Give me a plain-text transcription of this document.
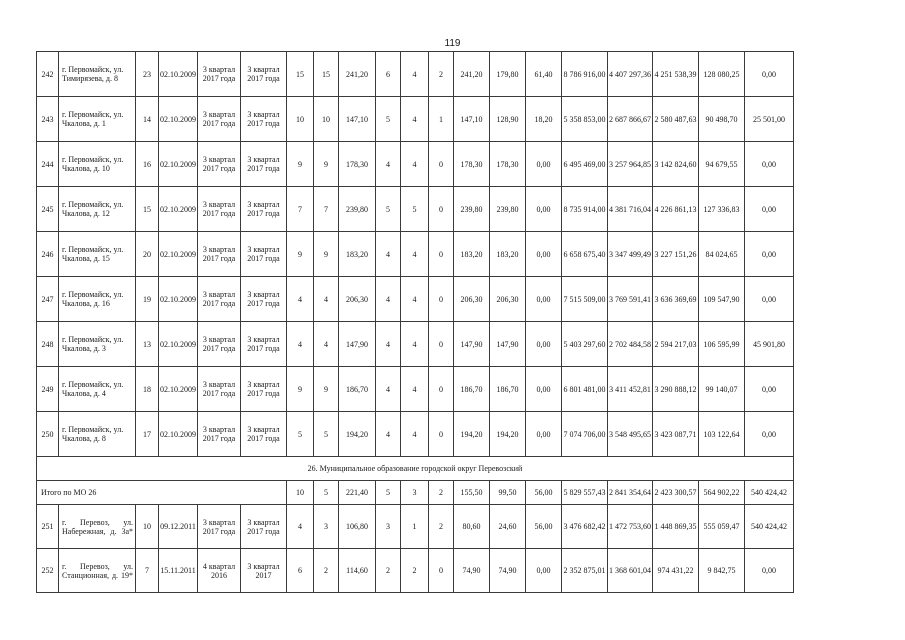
119
242	г. Первомайск, ул. Тимирязева, д. 8	23	02.10.2009	3 квартал 2017 года	3 квартал 2017 года	15	15	241,20	6	4	2	241,20	179,80	61,40	8 786 916,00	4 407 297,36	4 251 538,39	128 080,25	0,00
243	г. Первомайск, ул. Чкалова, д. 1	14	02.10.2009	3 квартал 2017 года	3 квартал 2017 года	10	10	147,10	5	4	1	147,10	128,90	18,20	5 358 853,00	2 687 866,67	2 580 487,63	90 498,70	25 501,00
244	г. Первомайск, ул. Чкалова, д. 10	16	02.10.2009	3 квартал 2017 года	3 квартал 2017 года	9	9	178,30	4	4	0	178,30	178,30	0,00	6 495 469,00	3 257 964,85	3 142 824,60	94 679,55	0,00
245	г. Первомайск, ул. Чкалова, д. 12	15	02.10.2009	3 квартал 2017 года	3 квартал 2017 года	7	7	239,80	5	5	0	239,80	239,80	0,00	8 735 914,00	4 381 716,04	4 226 861,13	127 336,83	0,00
246	г. Первомайск, ул. Чкалова, д. 15	20	02.10.2009	3 квартал 2017 года	3 квартал 2017 года	9	9	183,20	4	4	0	183,20	183,20	0,00	6 658 675,40	3 347 499,49	3 227 151,26	84 024,65	0,00
247	г. Первомайск, ул. Чкалова, д. 16	19	02.10.2009	3 квартал 2017 года	3 квартал 2017 года	4	4	206,30	4	4	0	206,30	206,30	0,00	7 515 509,00	3 769 591,41	3 636 369,69	109 547,90	0,00
248	г. Первомайск, ул. Чкалова, д. 3	13	02.10.2009	3 квартал 2017 года	3 квартал 2017 года	4	4	147,90	4	4	0	147,90	147,90	0,00	5 403 297,60	2 702 484,58	2 594 217,03	106 595,99	45 901,80
249	г. Первомайск, ул. Чкалова, д. 4	18	02.10.2009	3 квартал 2017 года	3 квартал 2017 года	9	9	186,70	4	4	0	186,70	186,70	0,00	6 801 481,00	3 411 452,81	3 290 888,12	99 140,07	0,00
250	г. Первомайск, ул. Чкалова, д. 8	17	02.10.2009	3 квартал 2017 года	3 квартал 2017 года	5	5	194,20	4	4	0	194,20	194,20	0,00	7 074 706,00	3 548 495,65	3 423 087,71	103 122,64	0,00
26. Муниципальное образование городской округ Перевозский																			
Итого по МО 26						10	5	221,40	5	3	2	155,50	99,50	56,00	5 829 557,43	2 841 354,64	2 423 300,57	564 902,22	540 424,42
251	г. Перевоз, ул. Набережная, д. 3а*	10	09.12.2011	3 квартал 2017 года	3 квартал 2017 года	4	3	106,80	3	1	2	80,60	24,60	56,00	3 476 682,42	1 472 753,60	1 448 869,35	555 059,47	540 424,42
252	г. Перевоз, ул. Станционная, д. 19*	7	15.11.2011	4 квартал 2016	3 квартал 2017	6	2	114,60	2	2	0	74,90	74,90	0,00	2 352 875,01	1 368 601,04	974 431,22	9 842,75	0,00
